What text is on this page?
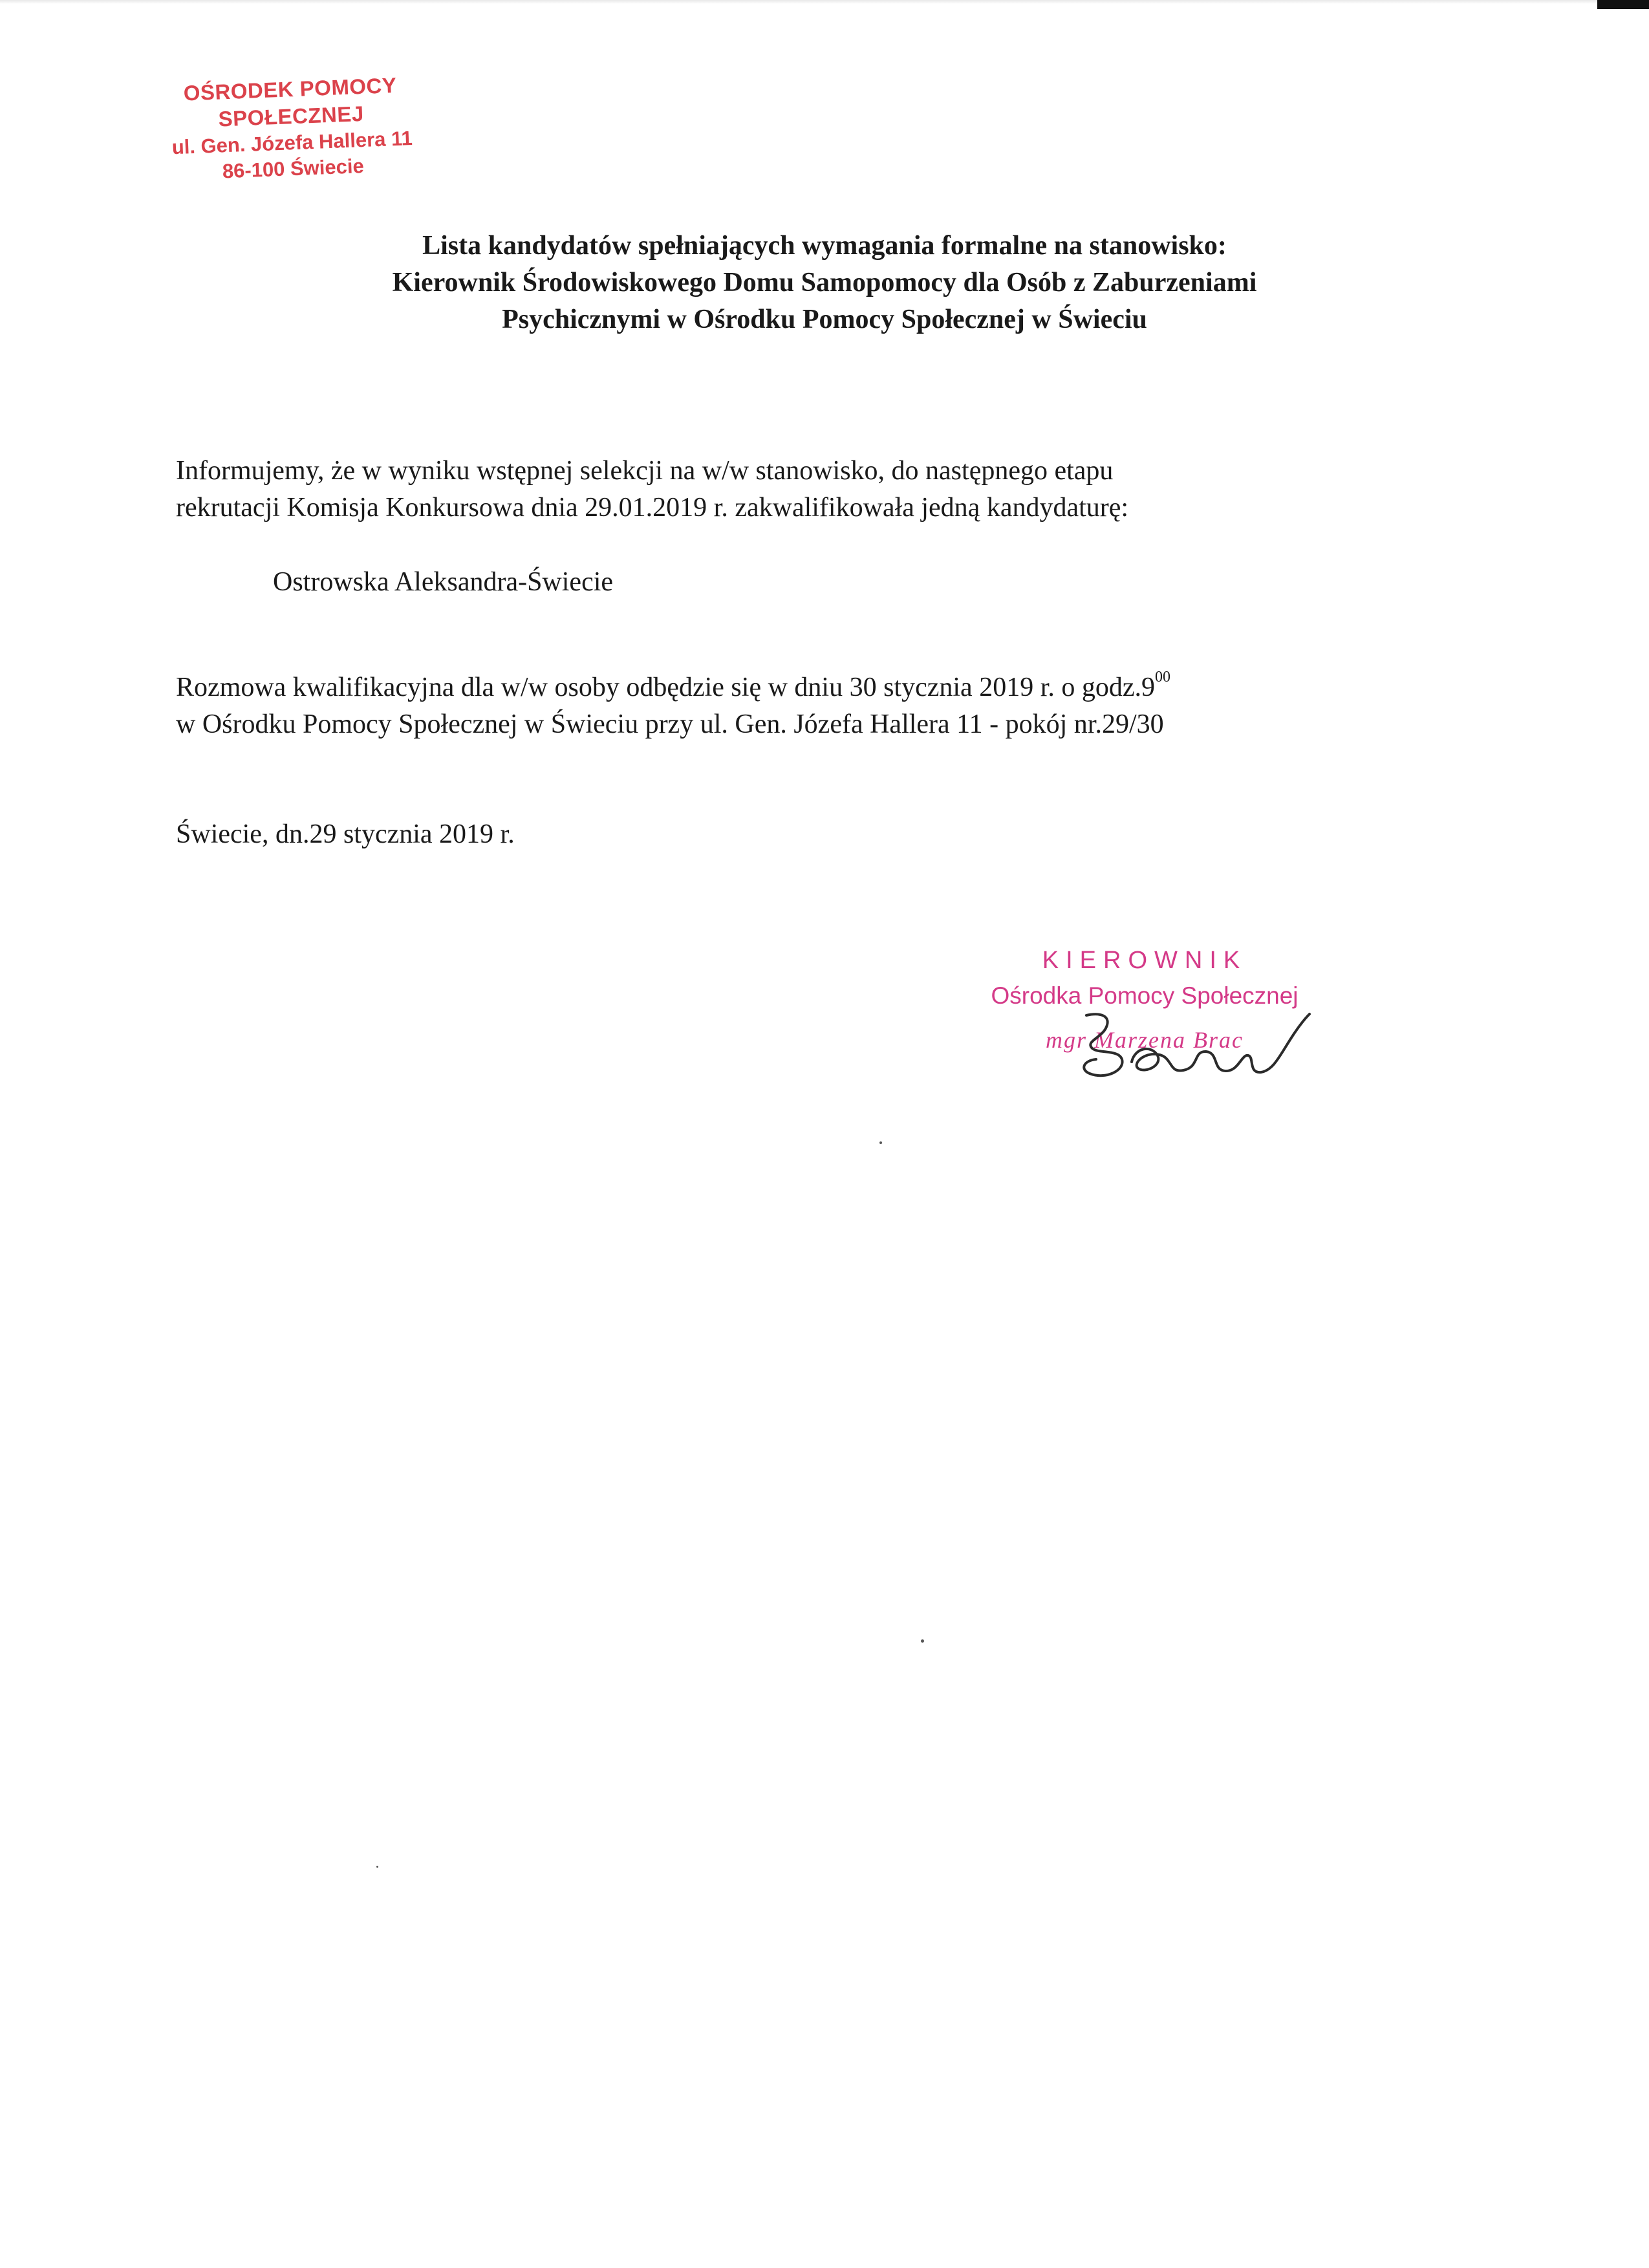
OŚRODEK POMOCY SPOŁECZNEJ
ul. Gen. Józefa Hallera 11
86-100 Świecie
Lista kandydatów spełniających wymagania formalne na stanowisko:
Kierownik Środowiskowego Domu Samopomocy dla Osób z Zaburzeniami
Psychicznymi w Ośrodku Pomocy Społecznej w Świeciu
Informujemy, że w wyniku wstępnej selekcji na w/w stanowisko, do następnego etapu
rekrutacji Komisja Konkursowa dnia 29.01.2019 r. zakwalifikowała jedną kandydaturę:
Ostrowska Aleksandra-Świecie
Rozmowa kwalifikacyjna dla w/w osoby odbędzie się w dniu 30 stycznia 2019 r. o $godz.9^{00}$
w Ośrodku Pomocy Społecznej w Świeciu przy ul. Gen. Józefa Hallera 11 - pokój nr.29/30
Świecie, dn.29 stycznia 2019 r.
KIEROWNIK
Ośrodka Pomocy Społecznej
mgr Marzena Brac
